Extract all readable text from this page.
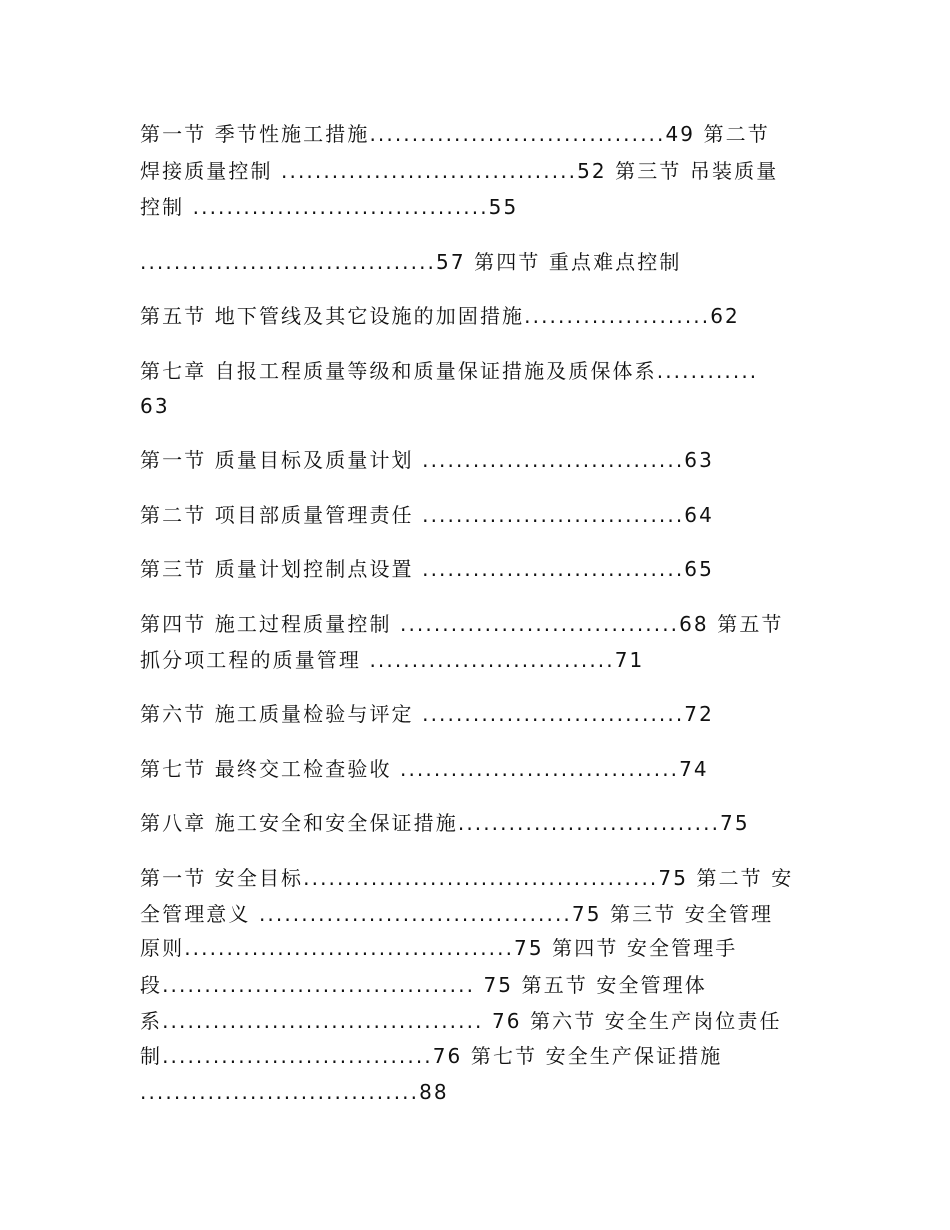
第一节 季节性施工措施...................................49 第二节
焊接质量控制 ...................................52 第三节 吊装质量
控制 ...................................55
...................................57 第四节 重点难点控制
第五节 地下管线及其它设施的加固措施......................62
第七章 自报工程质量等级和质量保证措施及质保体系............
63
第一节 质量目标及质量计划 ...............................63
第二节 项目部质量管理责任 ...............................64
第三节 质量计划控制点设置 ...............................65
第四节 施工过程质量控制 .................................68 第五节
抓分项工程的质量管理 .............................71
第六节 施工质量检验与评定 ...............................72
第七节 最终交工检查验收 .................................74
第八章 施工安全和安全保证措施...............................75
第一节 安全目标..........................................75 第二节 安
全管理意义 .....................................75 第三节 安全管理
原则.......................................75 第四节 安全管理手
段..................................... 75 第五节 安全管理体
系...................................... 76 第六节 安全生产岗位责任
制................................76 第七节 安全生产保证措施
.................................88
